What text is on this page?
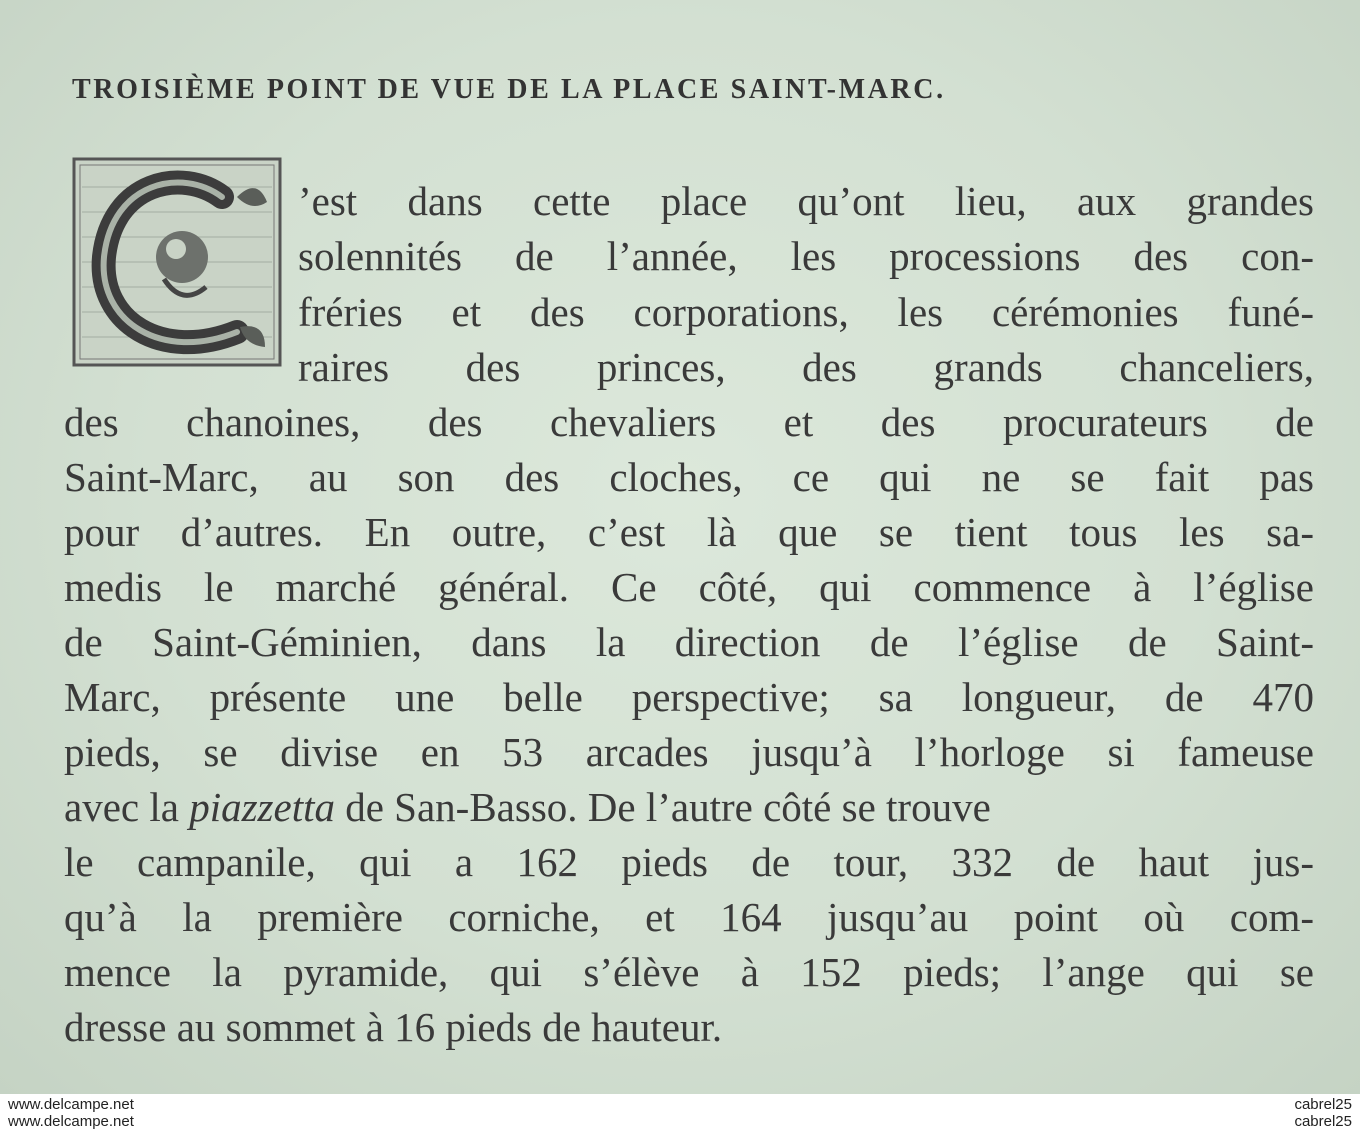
TROISIÈME POINT DE VUE DE LA PLACE SAINT-MARC.
’est dans cette place qu’ont lieu, aux grandes
solennités de l’année, les processions des con-
fréries et des corporations, les cérémonies funé-
raires des princes, des grands chanceliers,
des chanoines, des chevaliers et des procurateurs de
Saint-Marc, au son des cloches, ce qui ne se fait pas
pour d’autres. En outre, c’est là que se tient tous les sa-
medis le marché général. Ce côté, qui commence à l’église
de Saint-Géminien, dans la direction de l’église de Saint-
Marc, présente une belle perspective; sa longueur, de 470
pieds, se divise en 53 arcades jusqu’à l’horloge si fameuse
avec la piazzetta de San-Basso. De l’autre côté se trouve
le campanile, qui a 162 pieds de tour, 332 de haut jus-
qu’à la première corniche, et 164 jusqu’au point où com-
mence la pyramide, qui s’élève à 152 pieds; l’ange qui se
dresse au sommet à 16 pieds de hauteur.
www.delcampe.net
www.delcampe.net
cabrel25
cabrel25
